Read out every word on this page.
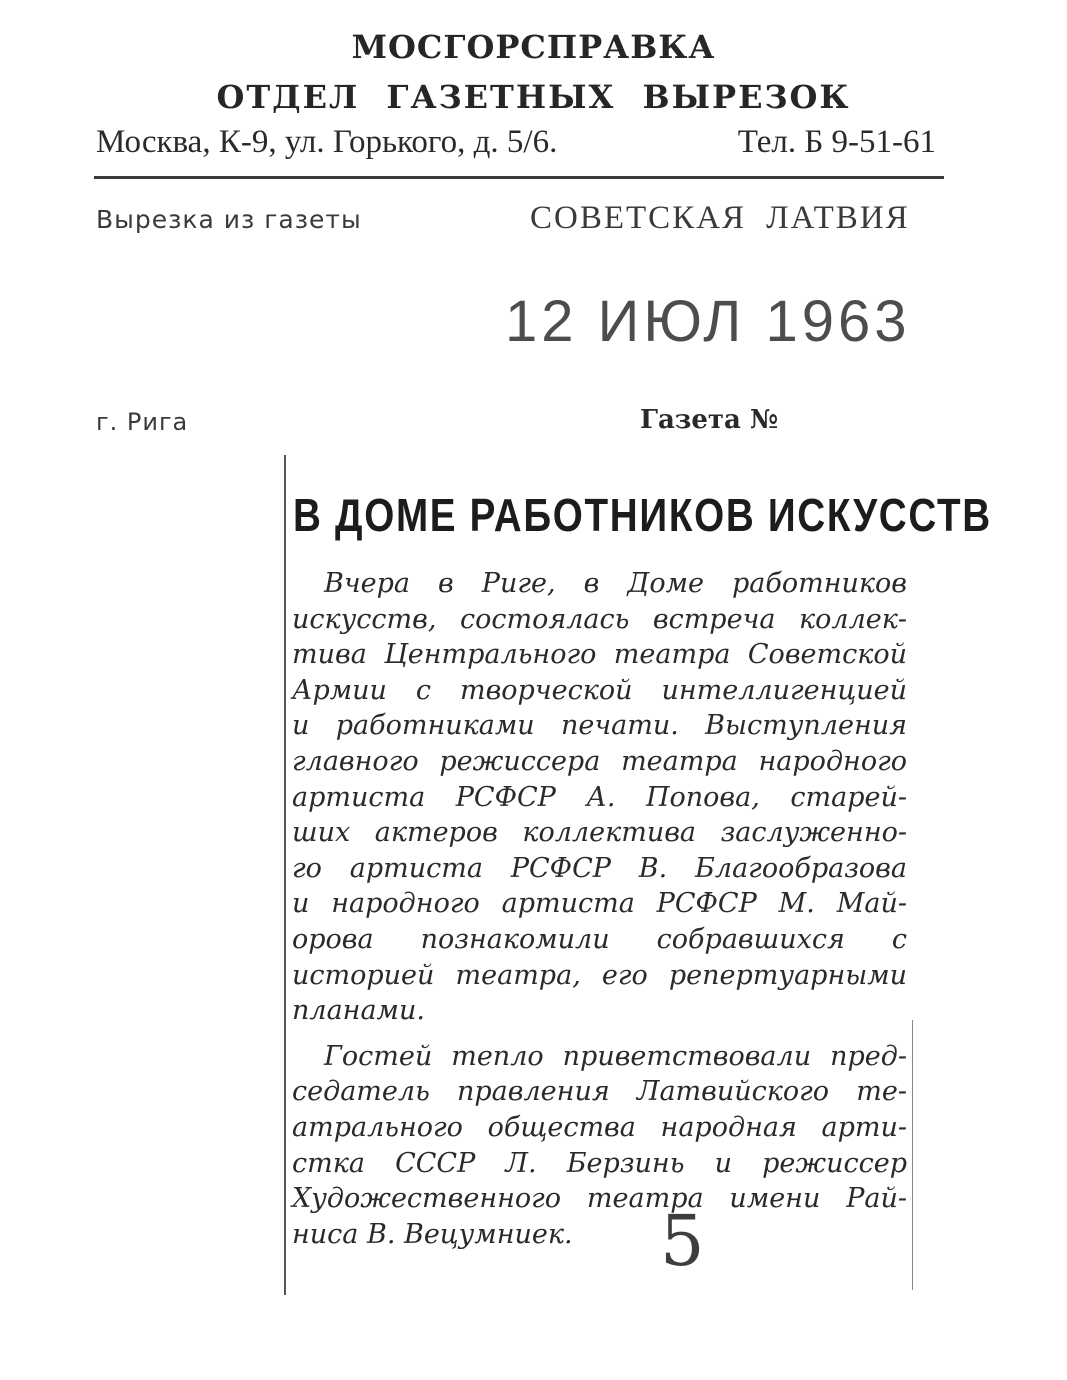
МОСГОРСПРАВКА
ОТДЕЛ ГАЗЕТНЫХ ВЫРЕЗОК
Москва, К-9, ул. Горького, д. 5/6.	Тел. Б 9-51-61
Вырезка из газеты	СОВЕТСКАЯ ЛАТВИЯ
12 ИЮЛ 1963
г. Рига	Газета №
В ДОМЕ РАБОТНИКОВ ИСКУССТВ
Вчера в Риге, в Доме работников
искусств, состоялась встреча коллек-
тива Центрального театра Советской
Армии с творческой интеллигенцией
и работниками печати. Выступления
главного режиссера театра народного
артиста РСФСР А. Попова, старей-
ших актеров коллектива заслуженно-
го артиста РСФСР В. Благообразова
и народного артиста РСФСР М. Май-
орова познакомили собравшихся с
историей театра, его репертуарными
планами.
Гостей тепло приветствовали пред-
седатель правления Латвийского те-
атрального общества народная арти-
стка СССР Л. Берзинь и режиссер
Художественного театра имени Рай-
ниса В. Вецумниек.	5
